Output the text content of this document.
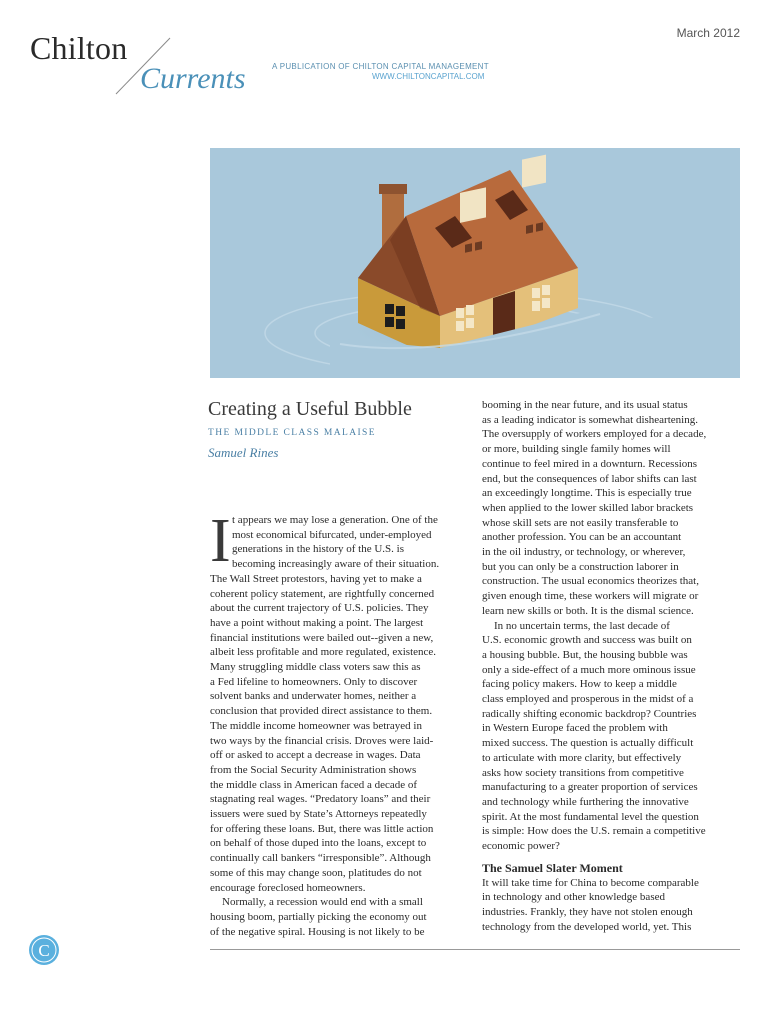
Chilton
Currents	A PUBLICATION OF CHILTON CAPITAL MANAGEMENT
WWW.CHILTONCAPITAL.COM
March 2012
Creating a Useful Bubble
THE MIDDLE CLASS MALAISE
Samuel Rines
I t appears we may lose a generation. One of the
most economical bifurcated, under-employed
generations in the history of the U.S. is
becoming increasingly aware of their situation.
The Wall Street protestors, having yet to make a
coherent policy statement, are rightfully concerned
about the current trajectory of U.S. policies. They
have a point without making a point. The largest
financial institutions were bailed out--given a new,
albeit less profitable and more regulated, existence.
Many struggling middle class voters saw this as
a Fed lifeline to homeowners. Only to discover
solvent banks and underwater homes, neither a
conclusion that provided direct assistance to them.
The middle income homeowner was betrayed in
two ways by the financial crisis. Droves were laid-
off or asked to accept a decrease in wages. Data
from the Social Security Administration shows
the middle class in American faced a decade of
stagnating real wages. “Predatory loans” and their
issuers were sued by State’s Attorneys repeatedly
for offering these loans. But, there was little action
on behalf of those duped into the loans, except to
continually call bankers “irresponsible”. Although
some of this may change soon, platitudes do not
encourage foreclosed homeowners.
Normally, a recession would end with a small
housing boom, partially picking the economy out
of the negative spiral. Housing is not likely to be
booming in the near future, and its usual status
as a leading indicator is somewhat disheartening.
The oversupply of workers employed for a decade,
or more, building single family homes will
continue to feel mired in a downturn. Recessions
end, but the consequences of labor shifts can last
an exceedingly longtime. This is especially true
when applied to the lower skilled labor brackets
whose skill sets are not easily transferable to
another profession. You can be an accountant
in the oil industry, or technology, or wherever,
but you can only be a construction laborer in
construction. The usual economics theorizes that,
given enough time, these workers will migrate or
learn new skills or both. It is the dismal science.
In no uncertain terms, the last decade of
U.S. economic growth and success was built on
a housing bubble. But, the housing bubble was
only a side-effect of a much more ominous issue
facing policy makers. How to keep a middle
class employed and prosperous in the midst of a
radically shifting economic backdrop? Countries
in Western Europe faced the problem with
mixed success. The question is actually difficult
to articulate with more clarity, but effectively
asks how society transitions from competitive
manufacturing to a greater proportion of services
and technology while furthering the innovative
spirit. At the most fundamental level the question
is simple: How does the U.S. remain a competitive
economic power?

The Samuel Slater Moment

It will take time for China to become comparable
in technology and other knowledge based
industries. Frankly, they have not stolen enough
technology from the developed world, yet. This
C
